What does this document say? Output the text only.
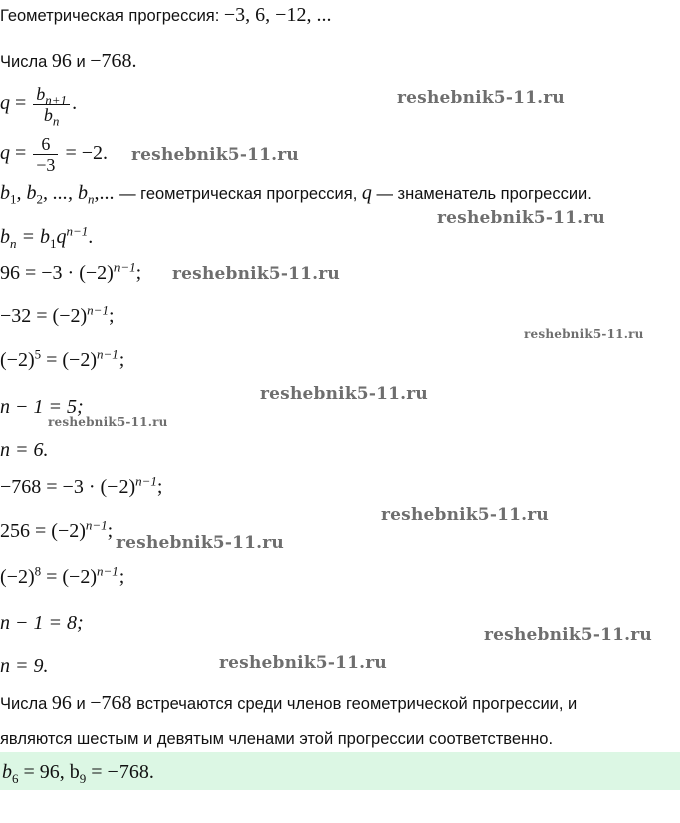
Геометрическая прогрессия: −3, 6, −12, ...
Числа 96 и −768.
$q = \frac{b_{n+1}}{b_n}$ .
$q = \frac{6}{-3} = -2$.
$b_1$, $b_2$, ..., $b_n$,... — геометрическая прогрессия, q — знаменатель прогрессии.
$b_n = b_1q^{n-1}$.
$96 = -3 \cdot (-2)^{n-1}$;
$-32 = (-2)^{n-1}$;
$(-2)^5 = (-2)^{n-1}$;
n − 1 = 5;
n = 6.
$-768 = -3 \cdot (-2)^{n-1}$;
$256 = (-2)^{n-1}$;
$(-2)^8 = (-2)^{n-1}$;
n − 1 = 8;
n = 9.
Числа 96 и −768 встречаются среди членов геометрической прогрессии, и
являются шестым и девятым членами этой прогрессии соответственно.
$b_6 = 96$, $b_9 = -768$.
reshebnik5-11.ru
reshebnik5-11.ru
reshebnik5-11.ru
reshebnik5-11.ru
reshebnik5-11.ru
reshebnik5-11.ru
reshebnik5-11.ru
reshebnik5-11.ru
reshebnik5-11.ru
reshebnik5-11.ru
reshebnik5-11.ru
